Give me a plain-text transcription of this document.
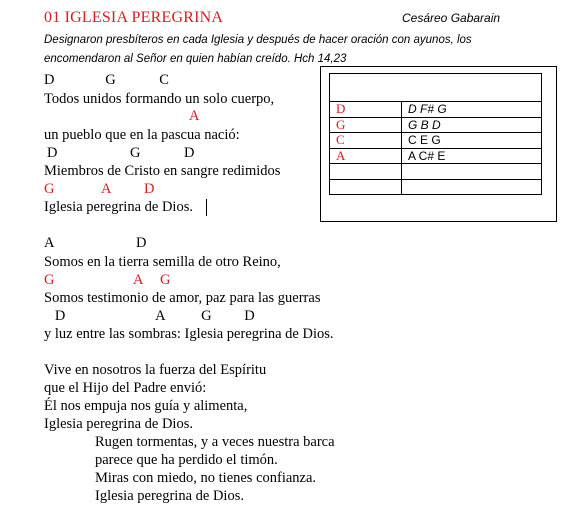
01 IGLESIA PEREGRINA	Cesáreo Gabarain
Designaron presbíteros en cada Iglesia y después de hacer oración con ayunos, los
encomendaron al Señor en quien habían creído. Hch 14,23
D              G            C
Todos unidos formando un solo cuerpo,
A
un pueblo que en la pascua nació:
D                    G            D
Miembros de Cristo en sangre redimidos
G	A D
Iglesia peregrina de Dios.
A	D
Somos en la tierra semilla de otro Reino,
G	A G
Somos testimonio de amor, paz para las guerras
D                         A          G         D
y luz entre las sombras: Iglesia peregrina de Dios.
Vive en nosotros la fuerza del Espíritu
que el Hijo del Padre envió:
Él nos empuja nos guía y alimenta,
Iglesia peregrina de Dios.
Rugen tormentas, y a veces nuestra barca
parece que ha perdido el timón.
Miras con miedo, no tienes confianza.
Iglesia peregrina de Dios.

D	D F# G
G	G B D
C	C E G
A	A C# E
